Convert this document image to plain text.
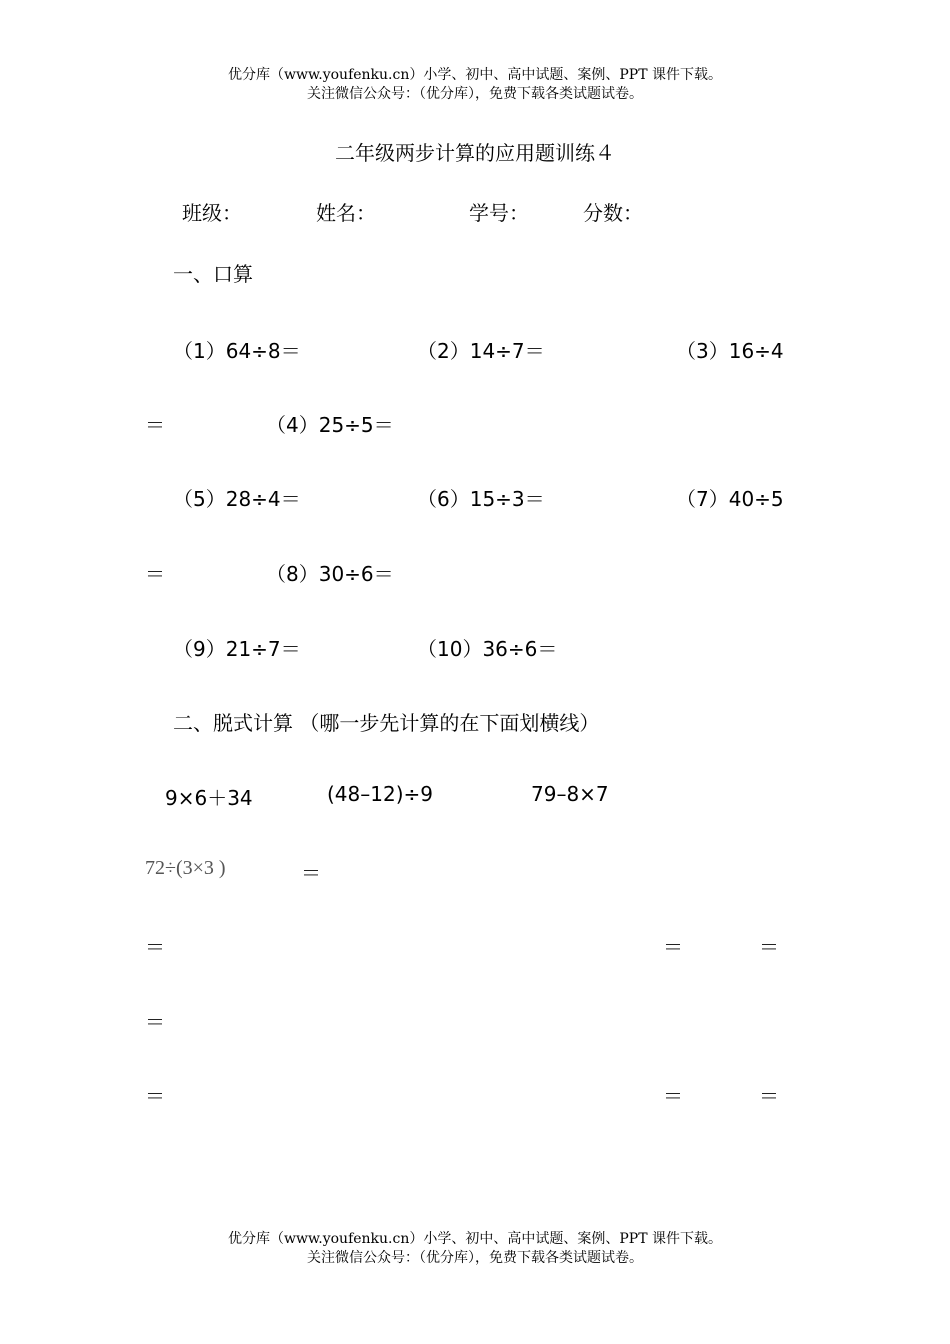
优分库（www.youfenku.cn）小学、初中、高中试题、案例、PPT 课件下载。
关注微信公众号：（优分库），免费下载各类试题试卷。
二年级两步计算的应用题训练４
班级：	姓名：	学号：	分数：
一、口算
（1）64÷8＝	（2）14÷7＝	（3）16÷4
＝	（4）25÷5＝
（5）28÷4＝	（6）15÷3＝	（7）40÷5
＝	（8）30÷6＝
（9）21÷7＝	（10）36÷6＝
二、脱式计算 （哪一步先计算的在下面划横线）
9×6＋34	(48–12)÷9	79–8×7
72÷(3×3 )	＝
＝	＝	＝
＝
＝	＝	＝
优分库（www.youfenku.cn）小学、初中、高中试题、案例、PPT 课件下载。
关注微信公众号：（优分库），免费下载各类试题试卷。
